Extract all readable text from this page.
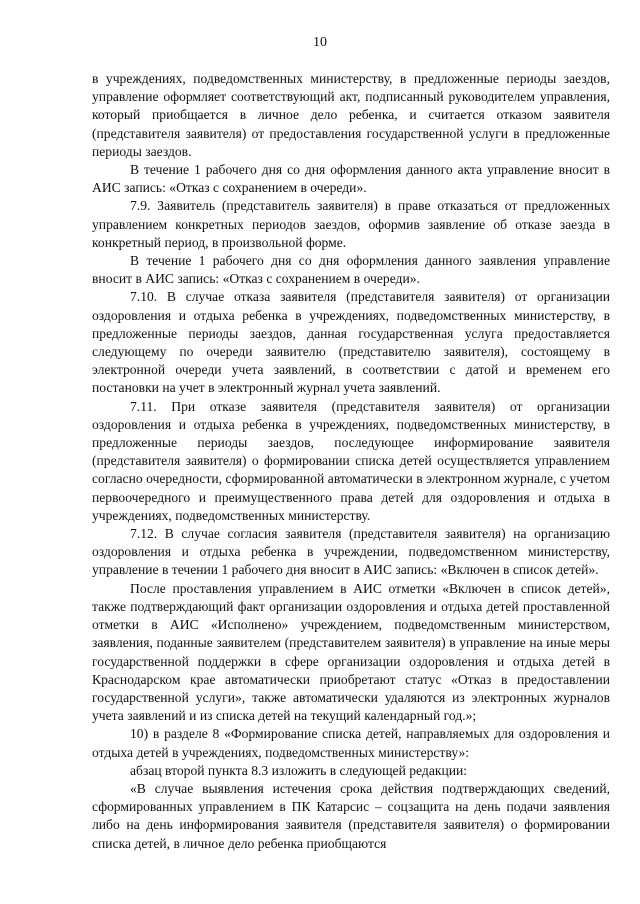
10

в учреждениях, подведомственных министерству, в предложенные периоды заездов, управление оформляет соответствующий акт, подписанный руководителем управления, который приобщается в личное дело ребенка, и считается отказом заявителя (представителя заявителя) от предоставления государственной услуги в предложенные периоды заездов.

В течение 1 рабочего дня со дня оформления данного акта управление вносит в АИС запись: «Отказ с сохранением в очереди».

7.9. Заявитель (представитель заявителя) в праве отказаться от предложенных управлением конкретных периодов заездов, оформив заявление об отказе заезда в конкретный период, в произвольной форме.

В течение 1 рабочего дня со дня оформления данного заявления управление вносит в АИС запись: «Отказ с сохранением в очереди».

7.10. В случае отказа заявителя (представителя заявителя) от организации оздоровления и отдыха ребенка в учреждениях, подведомственных министерству, в предложенные периоды заездов, данная государственная услуга предоставляется следующему по очереди заявителю (представителю заявителя), состоящему в электронной очереди учета заявлений, в соответствии с датой и временем его постановки на учет в электронный журнал учета заявлений.

7.11. При отказе заявителя (представителя заявителя) от организации оздоровления и отдыха ребенка в учреждениях, подведомственных министерству, в предложенные периоды заездов, последующее информирование заявителя (представителя заявителя) о формировании списка детей осуществляется управлением согласно очередности, сформированной автоматически в электронном журнале, с учетом первоочередного и преимущественного права детей для оздоровления и отдыха в учреждениях, подведомственных министерству.

7.12. В случае согласия заявителя (представителя заявителя) на организацию оздоровления и отдыха ребенка в учреждении, подведомственном министерству, управление в течении 1 рабочего дня вносит в АИС запись: «Включен в список детей».

После проставления управлением в АИС отметки «Включен в список детей», также подтверждающий факт организации оздоровления и отдыха детей проставленной отметки в АИС «Исполнено» учреждением, подведомственным министерством, заявления, поданные заявителем (представителем заявителя) в управление на иные меры государственной поддержки в сфере организации оздоровления и отдыха детей в Краснодарском крае автоматически приобретают статус «Отказ в предоставлении государственной услуги», также автоматически удаляются из электронных журналов учета заявлений и из списка детей на текущий календарный год.»;

10) в разделе 8 «Формирование списка детей, направляемых для оздоровления и отдыха детей в учреждениях, подведомственных министерству»:

абзац второй пункта 8.3 изложить в следующей редакции:

«В случае выявления истечения срока действия подтверждающих сведений, сформированных управлением в ПК Катарсис – соцзащита на день подачи заявления либо на день информирования заявителя (представителя заявителя) о формировании списка детей, в личное дело ребенка приобщаются
